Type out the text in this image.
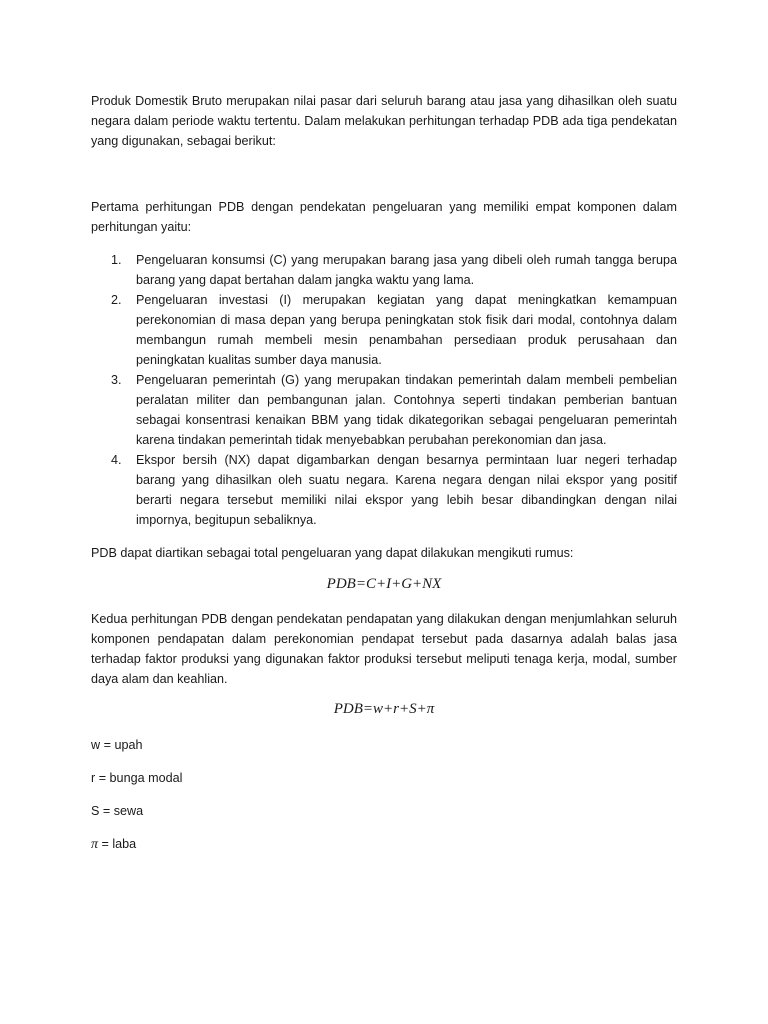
Produk Domestik Bruto merupakan nilai pasar dari seluruh barang atau jasa yang dihasilkan oleh suatu negara dalam periode waktu tertentu. Dalam melakukan perhitungan terhadap PDB ada tiga pendekatan yang digunakan, sebagai berikut:

Pertama perhitungan PDB dengan pendekatan pengeluaran yang memiliki empat komponen dalam perhitungan yaitu:

1. Pengeluaran konsumsi (C) yang merupakan barang jasa yang dibeli oleh rumah tangga berupa barang yang dapat bertahan dalam jangka waktu yang lama.
2. Pengeluaran investasi (I) merupakan kegiatan yang dapat meningkatkan kemampuan perekonomian di masa depan yang berupa peningkatan stok fisik dari modal, contohnya dalam membangun rumah membeli mesin penambahan persediaan produk perusahaan dan peningkatan kualitas sumber daya manusia.
3. Pengeluaran pemerintah (G) yang merupakan tindakan pemerintah dalam membeli pembelian peralatan militer dan pembangunan jalan. Contohnya seperti tindakan pemberian bantuan sebagai konsentrasi kenaikan BBM yang tidak dikategorikan sebagai pengeluaran pemerintah karena tindakan pemerintah tidak menyebabkan perubahan perekonomian dan jasa.
4. Ekspor bersih (NX) dapat digambarkan dengan besarnya permintaan luar negeri terhadap barang yang dihasilkan oleh suatu negara. Karena negara dengan nilai ekspor yang positif berarti negara tersebut memiliki nilai ekspor yang lebih besar dibandingkan dengan nilai impornya, begitupun sebaliknya.

PDB dapat diartikan sebagai total pengeluaran yang dapat dilakukan mengikuti rumus:

PDB=C+I+G+NX

Kedua perhitungan PDB dengan pendekatan pendapatan yang dilakukan dengan menjumlahkan seluruh komponen pendapatan dalam perekonomian pendapat tersebut pada dasarnya adalah balas jasa terhadap faktor produksi yang digunakan faktor produksi tersebut meliputi tenaga kerja, modal, sumber daya alam dan keahlian.

PDB=w+r+S+π

w = upah

r = bunga modal

S = sewa

π = laba
